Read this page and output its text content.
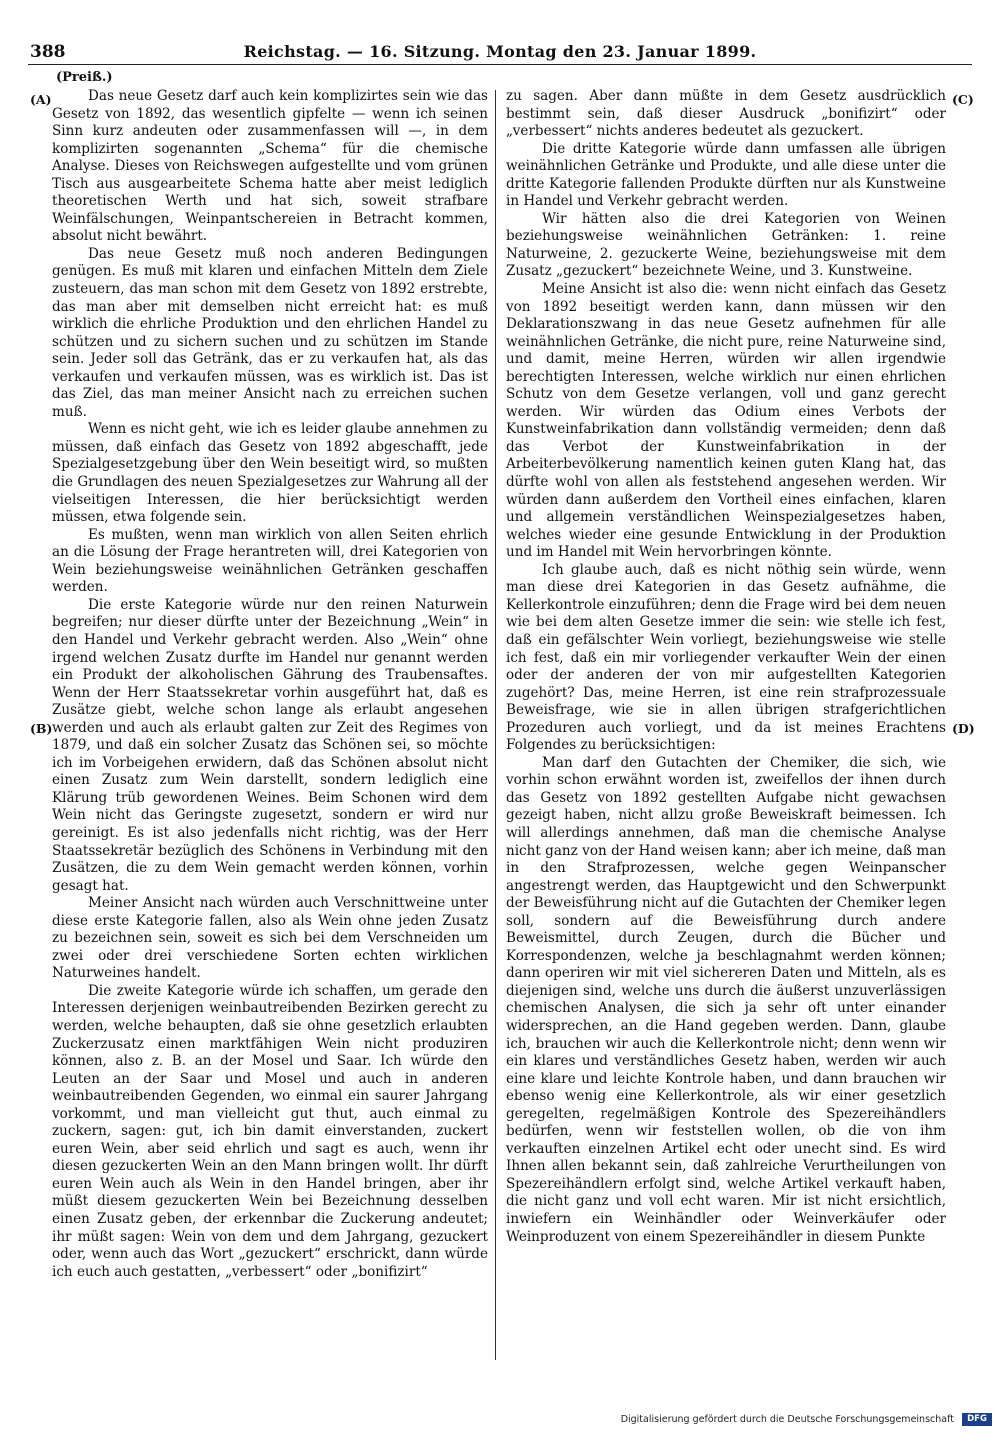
388	Reichstag. — 16. Sitzung. Montag den 23. Januar 1899.
(Preiß.)
(A)
(B)
(C)
(D)

Das neue Gesetz darf auch kein komplizirtes sein wie das Gesetz von 1892, das wesentlich gipfelte — wenn ich seinen Sinn kurz andeuten oder zusammenfassen will —, in dem komplizirten sogenannten „Schema“ für die chemische Analyse. Dieses von Reichswegen aufgestellte und vom grünen Tisch aus ausgearbeitete Schema hatte aber meist lediglich theoretischen Werth und hat sich, soweit strafbare Weinfälschungen, Weinpantschereien in Betracht kommen, absolut nicht bewährt.

Das neue Gesetz muß noch anderen Bedingungen genügen. Es muß mit klaren und einfachen Mitteln dem Ziele zusteuern, das man schon mit dem Gesetz von 1892 erstrebte, das man aber mit demselben nicht erreicht hat: es muß wirklich die ehrliche Produktion und den ehrlichen Handel zu schützen und zu sichern suchen und zu schützen im Stande sein. Jeder soll das Getränk, das er zu verkaufen hat, als das verkaufen und verkaufen müssen, was es wirklich ist. Das ist das Ziel, das man meiner Ansicht nach zu erreichen suchen muß.

Wenn es nicht geht, wie ich es leider glaube annehmen zu müssen, daß einfach das Gesetz von 1892 abgeschafft, jede Spezialgesetzgebung über den Wein beseitigt wird, so mußten die Grundlagen des neuen Spezialgesetzes zur Wahrung all der vielseitigen Interessen, die hier berücksichtigt werden müssen, etwa folgende sein.

Es mußten, wenn man wirklich von allen Seiten ehrlich an die Lösung der Frage herantreten will, drei Kategorien von Wein beziehungsweise weinähnlichen Getränken geschaffen werden.

Die erste Kategorie würde nur den reinen Naturwein begreifen; nur dieser dürfte unter der Bezeichnung „Wein“ in den Handel und Verkehr gebracht werden. Also „Wein“ ohne irgend welchen Zusatz durfte im Handel nur genannt werden ein Produkt der alkoholischen Gährung des Traubensaftes. Wenn der Herr Staatssekretar vorhin ausgeführt hat, daß es Zusätze giebt, welche schon lange als erlaubt angesehen werden und auch als erlaubt galten zur Zeit des Regimes von 1879, und daß ein solcher Zusatz das Schönen sei, so möchte ich im Vorbeigehen erwidern, daß das Schönen absolut nicht einen Zusatz zum Wein darstellt, sondern lediglich eine Klärung trüb gewordenen Weines. Beim Schonen wird dem Wein nicht das Geringste zugesetzt, sondern er wird nur gereinigt. Es ist also jedenfalls nicht richtig, was der Herr Staatssekretär bezüglich des Schönens in Verbindung mit den Zusätzen, die zu dem Wein gemacht werden können, vorhin gesagt hat.

Meiner Ansicht nach würden auch Verschnittweine unter diese erste Kategorie fallen, also als Wein ohne jeden Zusatz zu bezeichnen sein, soweit es sich bei dem Verschneiden um zwei oder drei verschiedene Sorten echten wirklichen Naturweines handelt.

Die zweite Kategorie würde ich schaffen, um gerade den Interessen derjenigen weinbautreibenden Bezirken gerecht zu werden, welche behaupten, daß sie ohne gesetzlich erlaubten Zuckerzusatz einen marktfähigen Wein nicht produziren können, also z. B. an der Mosel und Saar. Ich würde den Leuten an der Saar und Mosel und auch in anderen weinbautreibenden Gegenden, wo einmal ein saurer Jahrgang vorkommt, und man vielleicht gut thut, auch einmal zu zuckern, sagen: gut, ich bin damit einverstanden, zuckert euren Wein, aber seid ehrlich und sagt es auch, wenn ihr diesen gezuckerten Wein an den Mann bringen wollt. Ihr dürft euren Wein auch als Wein in den Handel bringen, aber ihr müßt diesem gezuckerten Wein bei Bezeichnung desselben einen Zusatz geben, der erkennbar die Zuckerung andeutet; ihr müßt sagen: Wein von dem und dem Jahrgang, gezuckert oder, wenn auch das Wort „gezuckert“ erschrickt, dann würde ich euch auch gestatten, „verbessert“ oder „bonifizirt“

zu sagen. Aber dann müßte in dem Gesetz ausdrücklich bestimmt sein, daß dieser Ausdruck „bonifizirt“ oder „verbessert“ nichts anderes bedeutet als gezuckert.

Die dritte Kategorie würde dann umfassen alle übrigen weinähnlichen Getränke und Produkte, und alle diese unter die dritte Kategorie fallenden Produkte dürften nur als Kunstweine in Handel und Verkehr gebracht werden.

Wir hätten also die drei Kategorien von Weinen beziehungsweise weinähnlichen Getränken: 1. reine Naturweine, 2. gezuckerte Weine, beziehungsweise mit dem Zusatz „gezuckert“ bezeichnete Weine, und 3. Kunstweine.

Meine Ansicht ist also die: wenn nicht einfach das Gesetz von 1892 beseitigt werden kann, dann müssen wir den Deklarationszwang in das neue Gesetz aufnehmen für alle weinähnlichen Getränke, die nicht pure, reine Naturweine sind, und damit, meine Herren, würden wir allen irgendwie berechtigten Interessen, welche wirklich nur einen ehrlichen Schutz von dem Gesetze verlangen, voll und ganz gerecht werden. Wir würden das Odium eines Verbots der Kunstweinfabrikation dann vollständig vermeiden; denn daß das Verbot der Kunstweinfabrikation in der Arbeiterbevölkerung namentlich keinen guten Klang hat, das dürfte wohl von allen als feststehend angesehen werden. Wir würden dann außerdem den Vortheil eines einfachen, klaren und allgemein verständlichen Weinspezialgesetzes haben, welches wieder eine gesunde Entwicklung in der Produktion und im Handel mit Wein hervorbringen könnte.

Ich glaube auch, daß es nicht nöthig sein würde, wenn man diese drei Kategorien in das Gesetz aufnähme, die Kellerkontrole einzuführen; denn die Frage wird bei dem neuen wie bei dem alten Gesetze immer die sein: wie stelle ich fest, daß ein gefälschter Wein vorliegt, beziehungsweise wie stelle ich fest, daß ein mir vorliegender verkaufter Wein der einen oder der anderen der von mir aufgestellten Kategorien zugehört? Das, meine Herren, ist eine rein strafprozessuale Beweisfrage, wie sie in allen übrigen strafgerichtlichen Prozeduren auch vorliegt, und da ist meines Erachtens Folgendes zu berücksichtigen:

Man darf den Gutachten der Chemiker, die sich, wie vorhin schon erwähnt worden ist, zweifellos der ihnen durch das Gesetz von 1892 gestellten Aufgabe nicht gewachsen gezeigt haben, nicht allzu große Beweiskraft beimessen. Ich will allerdings annehmen, daß man die chemische Analyse nicht ganz von der Hand weisen kann; aber ich meine, daß man in den Strafprozessen, welche gegen Weinpanscher angestrengt werden, das Hauptgewicht und den Schwerpunkt der Beweisführung nicht auf die Gutachten der Chemiker legen soll, sondern auf die Beweisführung durch andere Beweismittel, durch Zeugen, durch die Bücher und Korrespondenzen, welche ja beschlagnahmt werden können; dann operiren wir mit viel sichereren Daten und Mitteln, als es diejenigen sind, welche uns durch die äußerst unzuverlässigen chemischen Analysen, die sich ja sehr oft unter einander widersprechen, an die Hand gegeben werden. Dann, glaube ich, brauchen wir auch die Kellerkontrole nicht; denn wenn wir ein klares und verständliches Gesetz haben, werden wir auch eine klare und leichte Kontrole haben, und dann brauchen wir ebenso wenig eine Kellerkontrole, als wir einer gesetzlich geregelten, regelmäßigen Kontrole des Spezereihändlers bedürfen, wenn wir feststellen wollen, ob die von ihm verkauften einzelnen Artikel echt oder unecht sind. Es wird Ihnen allen bekannt sein, daß zahlreiche Verurtheilungen von Spezereihändlern erfolgt sind, welche Artikel verkauft haben, die nicht ganz und voll echt waren. Mir ist nicht ersichtlich, inwiefern ein Weinhändler oder Weinverkäufer oder Weinproduzent von einem Spezereihändler in diesem Punkte

Digitalisierung gefördert durch die Deutsche Forschungsgemeinschaft	DFG
